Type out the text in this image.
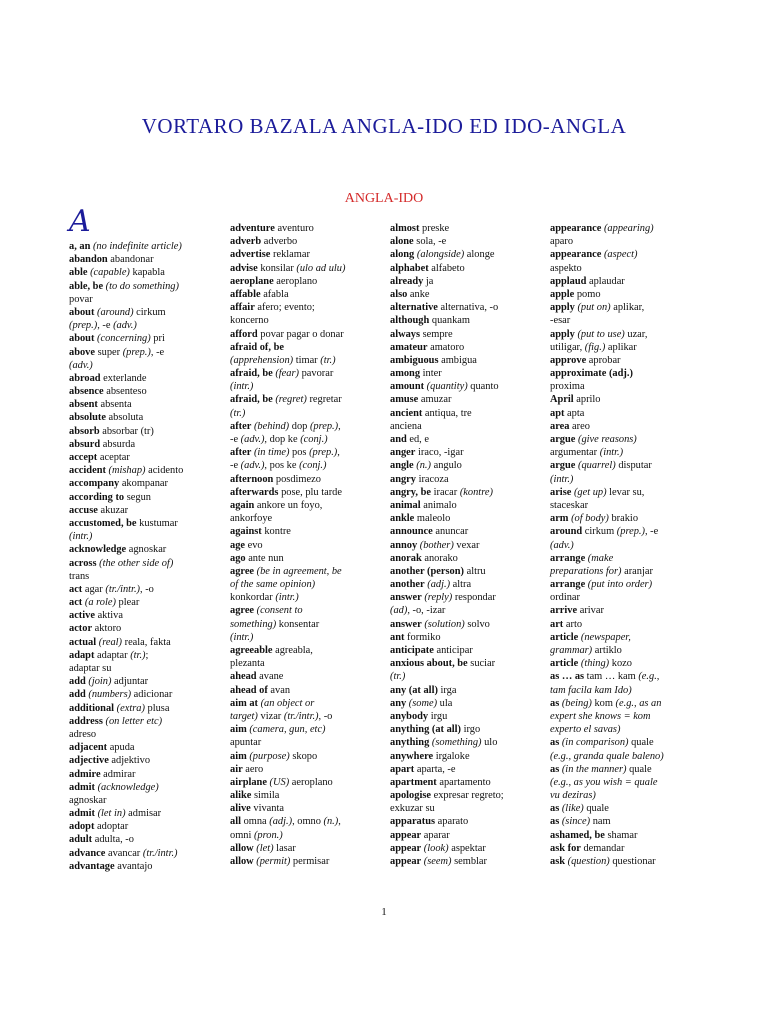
VORTARO BAZALA ANGLA-IDO ED IDO-ANGLA
ANGLA-IDO
a, an (no indefinite article)
abandon abandonar
able (capable) kapabla
able, be (to do something)
povar
about (around) cirkum
(prep.), -e (adv.)
about (concerning) pri
above super (prep.), -e
(adv.)
abroad exterlande
absence absenteso
absent absenta
absolute absoluta
absorb absorbar (tr)
absurd absurda
accept aceptar
accident (mishap) acidento
accompany akompanar
according to segun
accuse akuzar
accustomed, be kustumar
(intr.)
acknowledge agnoskar
across (the other side of)
trans
act agar (tr./intr.), -o
act (a role) plear
active aktiva
actor aktoro
actual (real) reala, fakta
adapt adaptar (tr.);
adaptar su
add (join) adjuntar
add (numbers) adicionar
additional (extra) plusa
address (on letter etc)
adreso
adjacent apuda
adjective adjektivo
admire admirar
admit (acknowledge)
agnoskar
admit (let in) admisar
adopt adoptar
adult adulta, -o
advance avancar (tr./intr.)
advantage avantajo
adventure aventuro
adverb adverbo
advertise reklamar
advise konsilar (ulo ad ulu)
aeroplane aeroplano
affable afabla
affair afero; evento;
koncerno
afford povar pagar o donar
afraid of, be
(apprehension) timar (tr.)
afraid, be (fear) pavorar
(intr.)
afraid, be (regret) regretar
(tr.)
after (behind) dop (prep.),
-e (adv.), dop ke (conj.)
after (in time) pos (prep.),
-e (adv.), pos ke (conj.)
afternoon posdimezo
afterwards pose, plu tarde
again ankore un foyo,
ankorfoye
against kontre
age evo
ago ante nun
agree (be in agreement, be
of the same opinion)
konkordar (intr.)
agree (consent to
something) konsentar
(intr.)
agreeable agreabla,
plezanta
ahead avane
ahead of avan
aim at (an object or
target) vizar (tr./intr.), -o
aim (camera, gun, etc)
apuntar
aim (purpose) skopo
air aero
airplane (US) aeroplano
alike simila
alive vivanta
all omna (adj.), omno (n.),
omni (pron.)
allow (let) lasar
allow (permit) permisar
almost preske
alone sola, -e
along (alongside) alonge
alphabet alfabeto
already ja
also anke
alternative alternativa, -o
although quankam
always sempre
amateur amatoro
ambiguous ambigua
among inter
amount (quantity) quanto
amuse amuzar
ancient antiqua, tre
anciena
and ed, e
anger iraco, -igar
angle (n.) angulo
angry iracoza
angry, be iracar (kontre)
animal animalo
ankle maleolo
announce anuncar
annoy (bother) vexar
anorak anorako
another (person) altru
another (adj.) altra
answer (reply) respondar
(ad), -o, -izar
answer (solution) solvo
ant formiko
anticipate anticipar
anxious about, be suciar
(tr.)
any (at all) irga
any (some) ula
anybody irgu
anything (at all) irgo
anything (something) ulo
anywhere irgaloke
apart aparta, -e
apartment apartamento
apologise expresar regreto;
exkuzar su
apparatus aparato
appear aparar
appear (look) aspektar
appear (seem) semblar
appearance (appearing)
aparo
appearance (aspect)
aspekto
applaud aplaudar
apple pomo
apply (put on) aplikar,
-esar
apply (put to use) uzar,
utiligar, (fig.) aplikar
approve aprobar
approximate (adj.)
proxima
April aprilo
apt apta
area areo
argue (give reasons)
argumentar (intr.)
argue (quarrel) disputar
(intr.)
arise (get up) levar su,
staceskar
arm (of body) brakio
around cirkum (prep.), -e
(adv.)
arrange (make
preparations for) aranjar
arrange (put into order)
ordinar
arrive arivar
art arto
article (newspaper,
grammar) artiklo
article (thing) kozo
as … as tam … kam (e.g.,
tam facila kam Ido)
as (being) kom (e.g., as an
expert she knows = kom
experto el savas)
as (in comparison) quale
(e.g., granda quale baleno)
as (in the manner) quale
(e.g., as you wish = quale
vu deziras)
as (like) quale
as (since) nam
ashamed, be shamar
ask for demandar
ask (question) questionar
1
A
